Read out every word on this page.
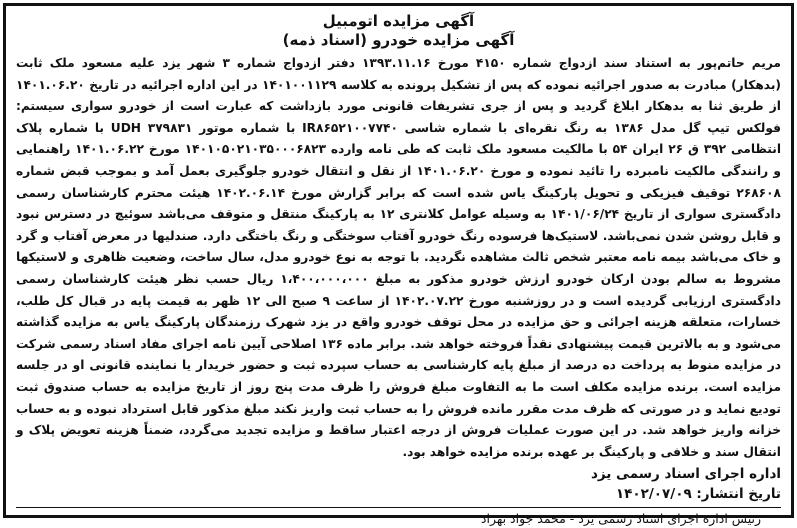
آگهی مزایده اتومبیل
آگهی مزایده خودرو (اسناد ذمه)

مریم حاتم‌پور به استناد سند ازدواج شماره ۴۱۵۰ مورخ ۱۳۹۳.۱۱.۱۶ دفتر ازدواج شماره ۳ شهر یزد علیه مسعود ملک ثابت (بدهکار) مبادرت به صدور اجرائیه نموده که پس از تشکیل پرونده به کلاسه ۱۴۰۱۰۰۱۱۲۹ در این اداره اجرائیه در تاریخ ۱۴۰۱.۰۶.۲۰ از طریق ثنا به بدهکار ابلاغ گردید و پس از جری تشریفات قانونی مورد بازداشت که عبارت است از خودرو سواری سیستم: فولکس تیپ گل مدل ۱۳۸۶ به رنگ نقره‌ای با شماره شاسی IR۸۶۵۲۱۰۰۷۷۴۰ با شماره موتور UDH ۳۷۹۸۳۱ با شماره پلاک انتظامی ۳۹۲ ق ۲۶ ایران ۵۴ با مالکیت مسعود ملک ثابت که طی نامه وارده ۱۴۰۱۰۵۰۲۱۰۳۵۰۰۰۶۸۲۳ مورخ ۱۴۰۱.۰۶.۲۲ راهنمایی و رانندگی مالکیت نامبرده را تائید نموده و مورخ ۱۴۰۱.۰۶.۲۰ از نقل و انتقال خودرو جلوگیری بعمل آمد و بموجب قبض شماره ۲۶۸۶۰۸ توقیف فیزیکی و تحویل پارکینگ یاس شده است که برابر گزارش مورخ ۱۴۰۲.۰۶.۱۴ هیئت محترم کارشناسان رسمی دادگستری سواری از تاریخ ۱۴۰۱/۰۶/۲۴ به وسیله عوامل کلانتری ۱۲ به پارکینگ منتقل و متوقف می‌باشد سوئیچ در دسترس نبود و قابل روشن شدن نمی‌باشد. لاستیک‌ها فرسوده رنگ خودرو آفتاب سوختگی و رنگ باختگی دارد. صندلیها در معرض آفتاب و گرد و خاک می‌باشد بیمه نامه معتبر شخص ثالث مشاهده نگردید. با توجه به نوع خودرو مدل، سال ساخت، وضعیت ظاهری و لاستیکها مشروط به سالم بودن ارکان خودرو ارزش خودرو مذکور به مبلغ ۱،۴۰۰،۰۰۰،۰۰۰ ریال حسب نظر هیئت کارشناسان رسمی دادگستری ارزیابی گردیده است و در روزشنبه مورخ ۱۴۰۲.۰۷.۲۲ از ساعت ۹ صبح الی ۱۲ ظهر به قیمت پایه در قبال کل طلب، خسارات، متعلقه هزینه اجرائی و حق مزایده در محل توقف خودرو واقع در یزد شهرک رزمندگان پارکینگ یاس به مزایده گذاشته می‌شود و به بالاترین قیمت پیشنهادی نقداً فروخته خواهد شد. برابر ماده ۱۳۶ اصلاحی آیین نامه اجرای مفاد اسناد رسمی شرکت در مزایده منوط به پرداخت ده درصد از مبلغ پایه کارشناسی به حساب سپرده ثبت و حضور خریدار یا نماینده قانونی او در جلسه مزایده است. برنده مزایده مکلف است ما به التفاوت مبلغ فروش را ظرف مدت پنج روز از تاریخ مزایده به حساب صندوق ثبت تودیع نماید و در صورتی که ظرف مدت مقرر مانده فروش را به حساب ثبت واریز نکند مبلغ مذکور قابل استرداد نبوده و به حساب خزانه واریز خواهد شد. در این صورت عملیات فروش از درجه اعتبار ساقط و مزایده تجدید می‌گردد، ضمناً هزینه تعویض پلاک و انتقال سند و خلافی و پارکینگ بر عهده برنده مزایده خواهد بود.

اداره اجرای اسناد رسمی یزد
تاریخ انتشار: ۱۴۰۲/۰۷/۰۹
رئیس اداره اجرای اسناد رسمی یزد - محمد جواد بهراد
